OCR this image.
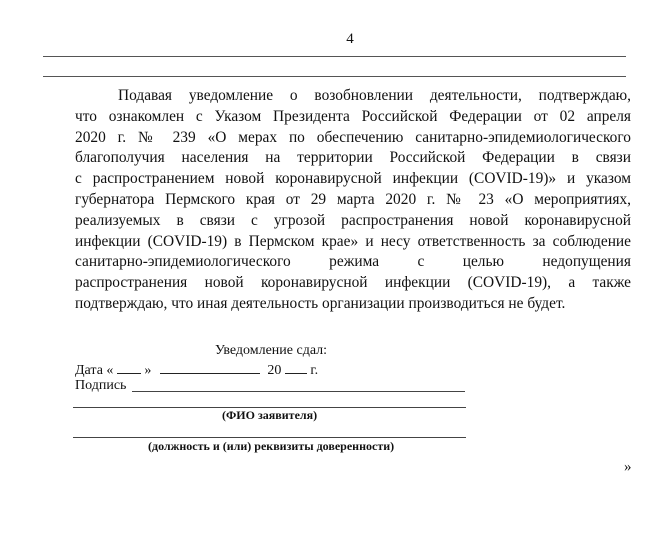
4
Подавая уведомление о возобновлении деятельности, подтверждаю,
что ознакомлен с Указом Президента Российской Федерации от 02 апреля
2020 г. № 239 «О мерах по обеспечению санитарно-эпидемиологического
благополучия населения на территории Российской Федерации в связи
с распространением новой коронавирусной инфекции (COVID-19)» и указом
губернатора Пермского края от 29 марта 2020 г. № 23 «О мероприятиях,
реализуемых в связи с угрозой распространения новой коронавирусной
инфекции (COVID-19) в Пермском крае» и несу ответственность за соблюдение
санитарно-эпидемиологического режима с целью недопущения
распространения новой коронавирусной инфекции (COVID-19), а также
подтверждаю, что иная деятельность организации производиться не будет.
Уведомление сдал:
Дата « »	20 г.
Подпись
(ФИО заявителя)
(должность и (или) реквизиты доверенности)
»
